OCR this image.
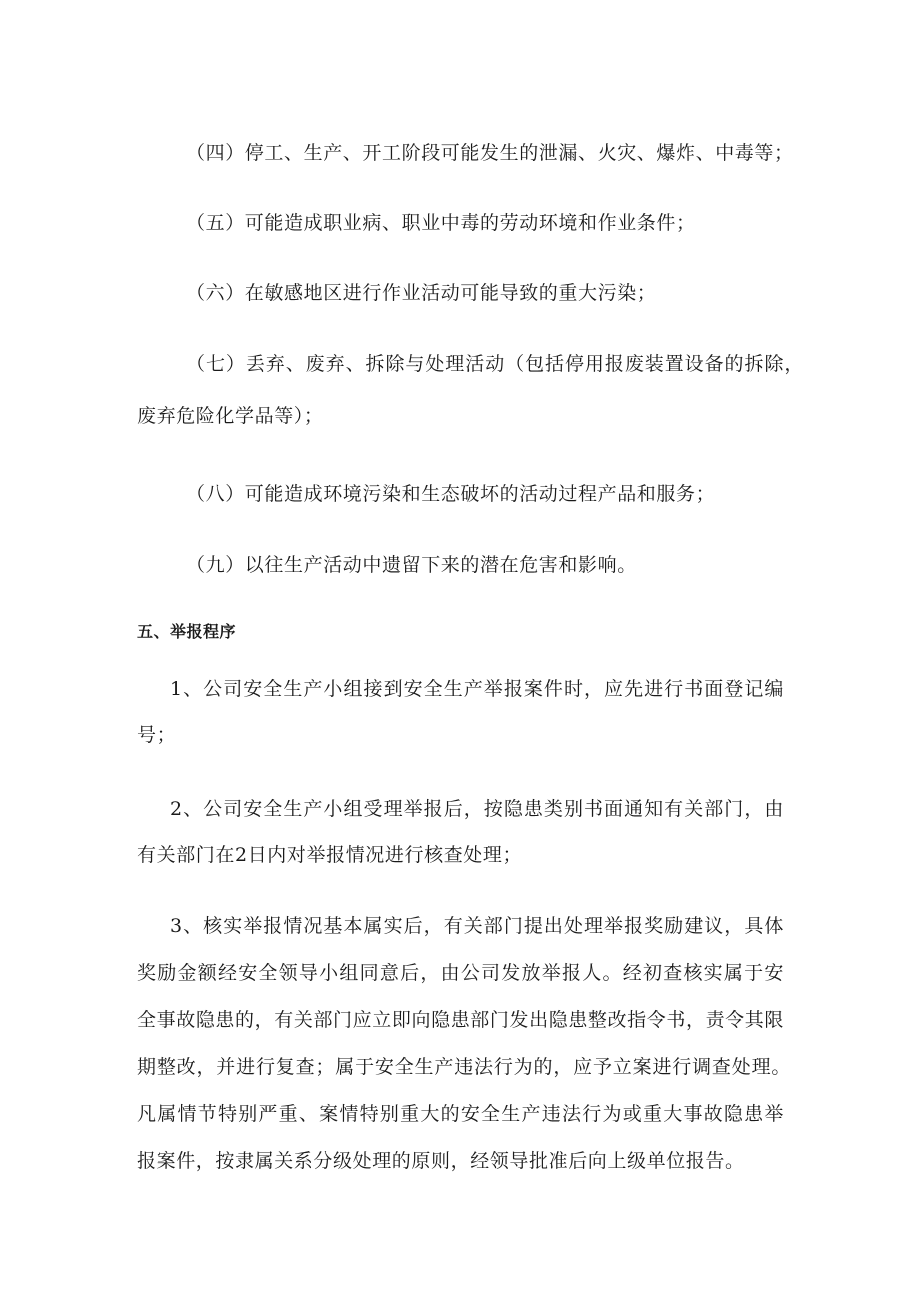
（四）停工、生产、开工阶段可能发生的泄漏、火灾、爆炸、中毒等；
（五）可能造成职业病、职业中毒的劳动环境和作业条件；
（六）在敏感地区进行作业活动可能导致的重大污染；
（七）丢弃、废弃、拆除与处理活动（包括停用报废装置设备的拆除，
废弃危险化学品等）；
（八）可能造成环境污染和生态破坏的活动过程产品和服务；
（九）以往生产活动中遗留下来的潜在危害和影响。
五、举报程序
1、公司安全生产小组接到安全生产举报案件时，应先进行书面登记编
号；
2、公司安全生产小组受理举报后，按隐患类别书面通知有关部门，由
有关部门在2日内对举报情况进行核查处理；
3、核实举报情况基本属实后，有关部门提出处理举报奖励建议，具体
奖励金额经安全领导小组同意后，由公司发放举报人。经初查核实属于安
全事故隐患的，有关部门应立即向隐患部门发出隐患整改指令书，责令其限
期整改，并进行复查；属于安全生产违法行为的，应予立案进行调查处理。
凡属情节特别严重、案情特别重大的安全生产违法行为或重大事故隐患举
报案件，按隶属关系分级处理的原则，经领导批准后向上级单位报告。
